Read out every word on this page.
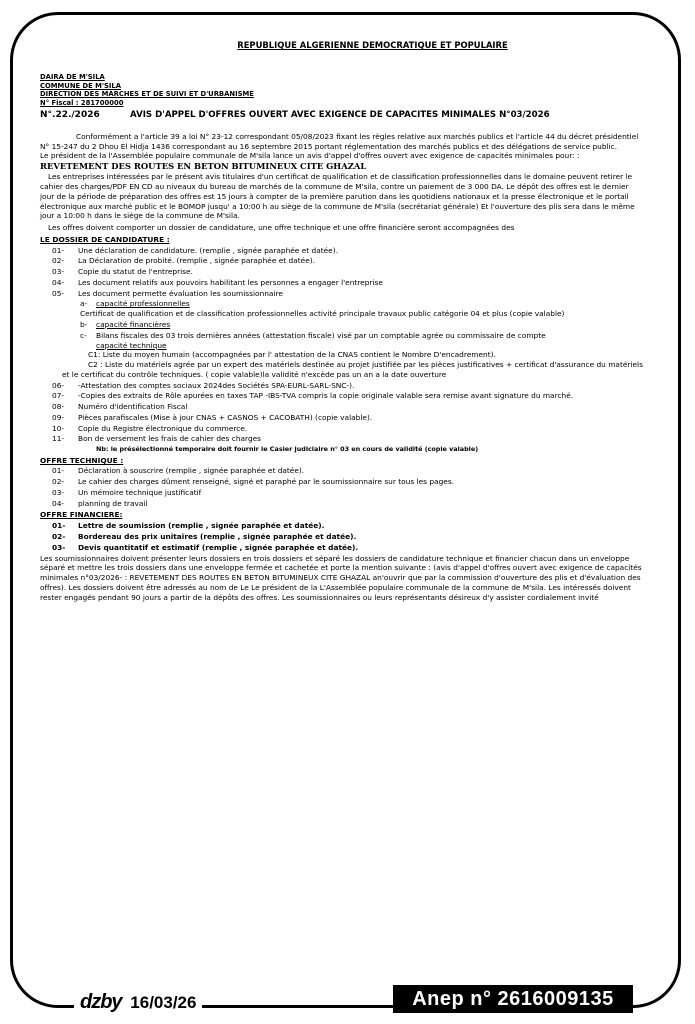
REPUBLIQUE ALGERIENNE DEMOCRATIQUE ET POPULAIRE
DAIRA DE M'SILA
COMMUNE DE M'SILA
DIRECTION DES MARCHES ET DE SUIVI ET D'URBANISME
N° Fiscal : 281700000
N°.22./2026	AVIS D'APPEL D'OFFRES OUVERT AVEC EXIGENCE DE CAPACITES MINIMALES N°03/2026

Conformément a l'article 39 a loi N° 23-12 correspondant 05/08/2023 fixant les règles relative aux marchés publics et l'article 44 du décret présidentiel N° 15-247 du 2 Dhou El Hidja 1436 correspondant au 16 septembre 2015 portant réglementation des marchés publics et des délégations de service public.

Le président de la l'Assemblée populaire communale de M'sila lance un avis d'appel d'offres ouvert avec exigence de capacités minimales pour: : REVETEMENT DES ROUTES EN BETON BITUMINEUX CITE GHAZAL

Les entreprises intéressées par le présent avis titulaires d'un certificat de qualification et de classification professionnelles dans le domaine peuvent retirer le cahier des charges/PDF EN CD au niveaux du bureau de marchés de la commune de M'sila, contre un paiement de 3 000 DA. Le dépôt des offres est le dernier jour de la période de préparation des offres est 15 jours à compter de la première parution dans les quotidiens nationaux et la presse électronique et le portail électronique aux marché public et le BOMOP jusqu' a 10:00 h au siège de la commune de M'sila (secrétariat générale) Et l'ouverture des plis sera dans le même jour a 10:00 h dans le siège de la commune de M'sila.

Les offres doivent comporter un dossier de candidature, une offre technique et une offre financière seront accompagnées des

LE DOSSIER DE CANDIDATURE :
01-	Une déclaration de candidature. (remplie , signée paraphée et datée).
02-	La Déclaration de probité. (remplie , signée paraphée et datée).
03-	Copie du statut de l'entreprise.
04-	Les document relatifs aux pouvoirs habilitant les personnes a engager l'entreprise
05-	Les document permette évaluation les soumissionnaire
a-	capacité professionnelles
Certificat de qualification et de classification professionnelles activité principale travaux public catégorie 04 et plus (copie valable)
b-	capacité financières
c-	Bilans fiscales des 03 trois dernières années (attestation fiscale) visé par un comptable agrée ou commissaire de compte
capacité technique
C1: Liste du moyen humain (accompagnées par l' attestation de la CNAS contient le Nombre D'encadrement).
C2 : Liste du matériels agrée par un expert des matériels destinée au projet justifiée par les pièces justificatives + certificat d'assurance du matériels et le certificat du contrôle techniques. ( copie valable)la validité n'excède pas un an a la date ouverture
06-	-Attestation des comptes sociaux 2024des Sociétés SPA-EURL-SARL-SNC-).
07-	-Copies des extraits de Rôle apurées en taxes TAP -IBS-TVA compris la copie originale valable sera remise avant signature du marché.
08-	Numéro d'identification Fiscal
09-	Pièces parafiscales (Mise à jour CNAS + CASNOS + CACOBATH) (copie valable).
10-	Copie du Registre électronique du commerce.
11-	Bon de versement les frais de cahier des charges
Nb: le présélectionné temporaire doit fournir le Casier judiciaire n° 03 en cours de validité (copie valable)
OFFRE TECHNIQUE :
01-	Déclaration à souscrire (remplie , signée paraphée et datée).
02-	Le cahier des charges dûment renseigné, signé et paraphé par le soumissionnaire sur tous les pages.
03-	Un mémoire technique justificatif
04-	planning de travail
OFFRE FINANCIERE:
01-	Lettre de soumission (remplie , signée paraphée et datée).
02-	Bordereau des prix unitaires (remplie , signée paraphée et datée).
03-	Devis quantitatif et estimatif (remplie , signée paraphée et datée).

Les soumissionnaires doivent présenter leurs dossiers en trois dossiers et séparé les dossiers de candidature technique et financier chacun dans un enveloppe séparé et mettre les trois dossiers dans une enveloppe fermée et cachetée et porte la mention suivante : (avis d'appel d'offres ouvert avec exigence de capacités minimales n°03/2026- : REVETEMENT DES ROUTES EN BETON BITUMINEUX CITE GHAZAL an'ouvrir que par la commission d'ouverture des plis et d'évaluation des offres). Les dossiers doivent être adressés au nom de Le Le président de la L'Assemblée populaire communale de la commune de M'sila. Les intéressés doivent rester engagés pendant 90 jours a partir de la dépôts des offres. Les soumissionnaires ou leurs représentants désireux d'y assister cordialement invité

dzby 16/03/26	Anep n° 2616009135
